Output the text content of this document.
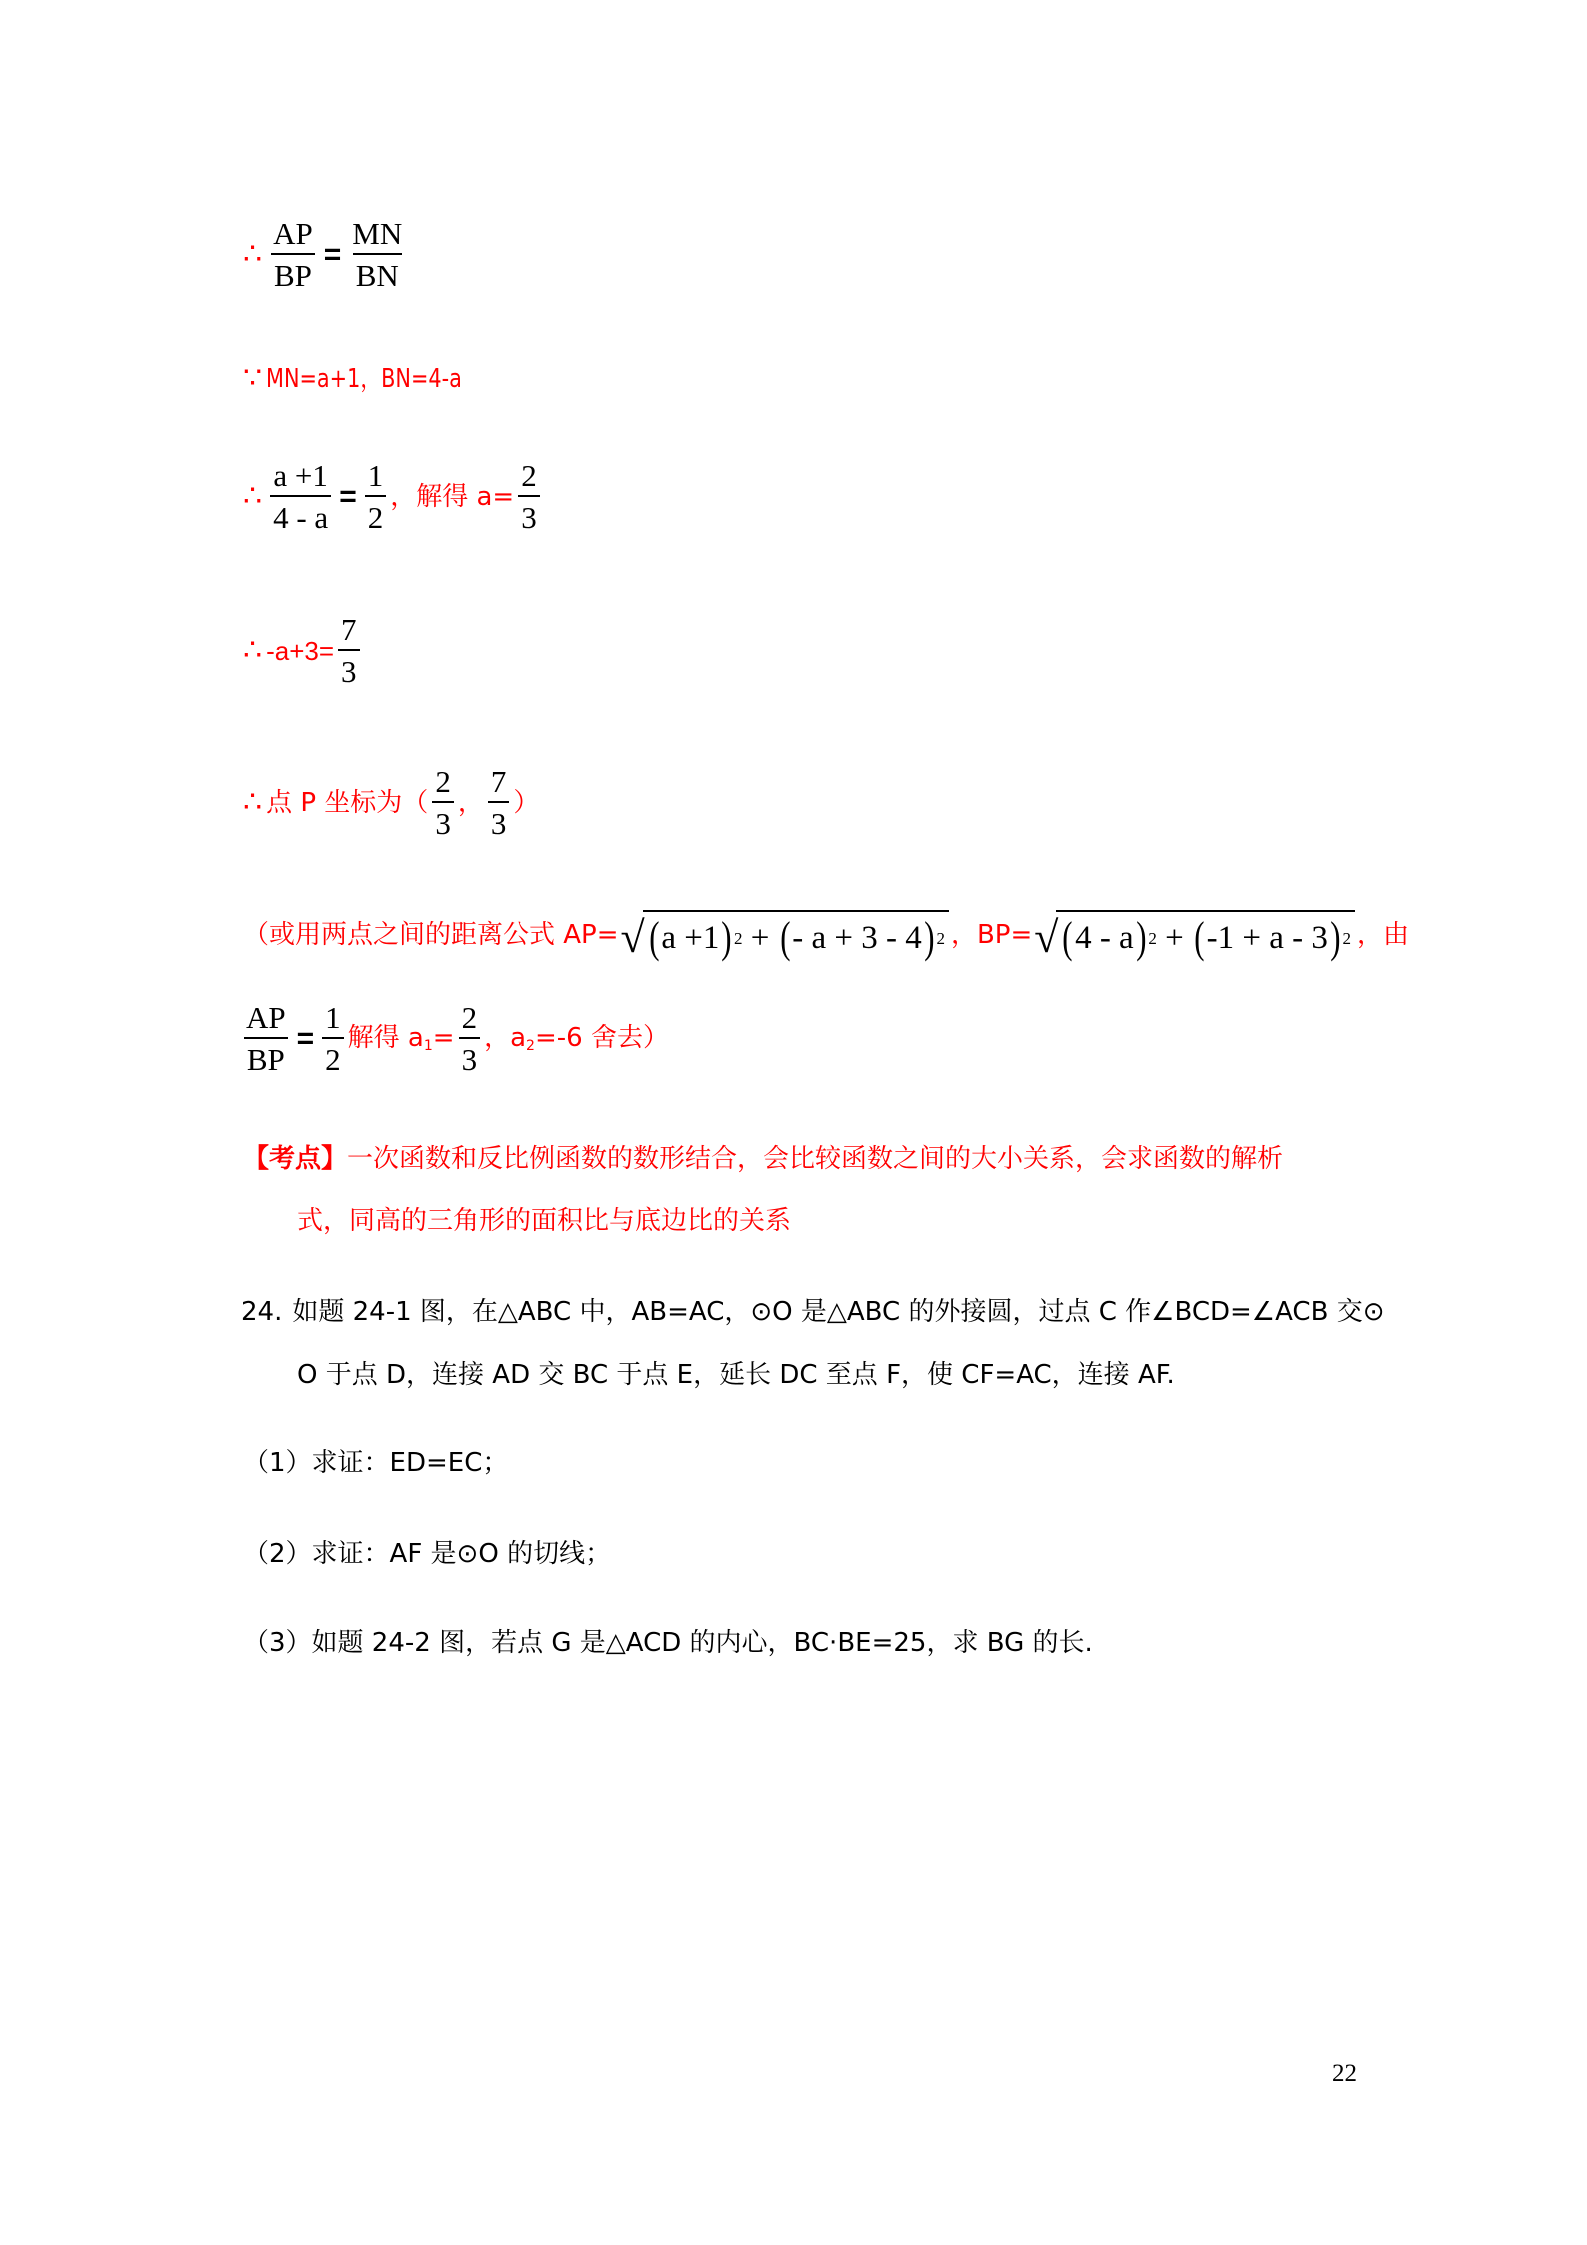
∴ $\frac{AP}{BP} = \frac{MN}{BN}$
∵ MN=a+1，BN=4-a
∴ $\frac{a +1}{4 - a} = \frac{1}{2}$ ，解得 $a= \frac{2}{3}$
∴ $-a+3= \frac{7}{3}$
∴ 点 P 坐标为（ $\frac{2}{3}$ ， $\frac{7}{3}$ ）
（或用两点之间的距离公式 AP= √ ( a +1 ) 2
+
( - a + 3 - 4 ) 2 ，BP= √ ( 4 - a ) 2
+
( -1 + a - 3 ) 2 ，由
$\frac{AP}{BP} = \frac{1}{2}$ 解得 $a_1= \frac{2}{3}$ ，$a_2=-6$ 舍去）
【考点】 一次函数和反比例函数的数形结合，会比较函数之间的大小关系，会求函数的解析
式，同高的三角形的面积比与底边比的关系
24. 如题 24-1 图，在△ABC 中，AB=AC，⊙O 是△ABC 的外接圆，过点 C 作∠BCD=∠ACB 交⊙
O 于点 D，连接 AD 交 BC 于点 E，延长 DC 至点 F，使 CF=AC，连接 AF.
（1） 求证：ED=EC；
（2） 求证：AF 是⊙O 的切线；
（3） 如题 24-2 图，若点 G 是△ACD 的内心，BC·BE=25，求 BG 的长.
22
